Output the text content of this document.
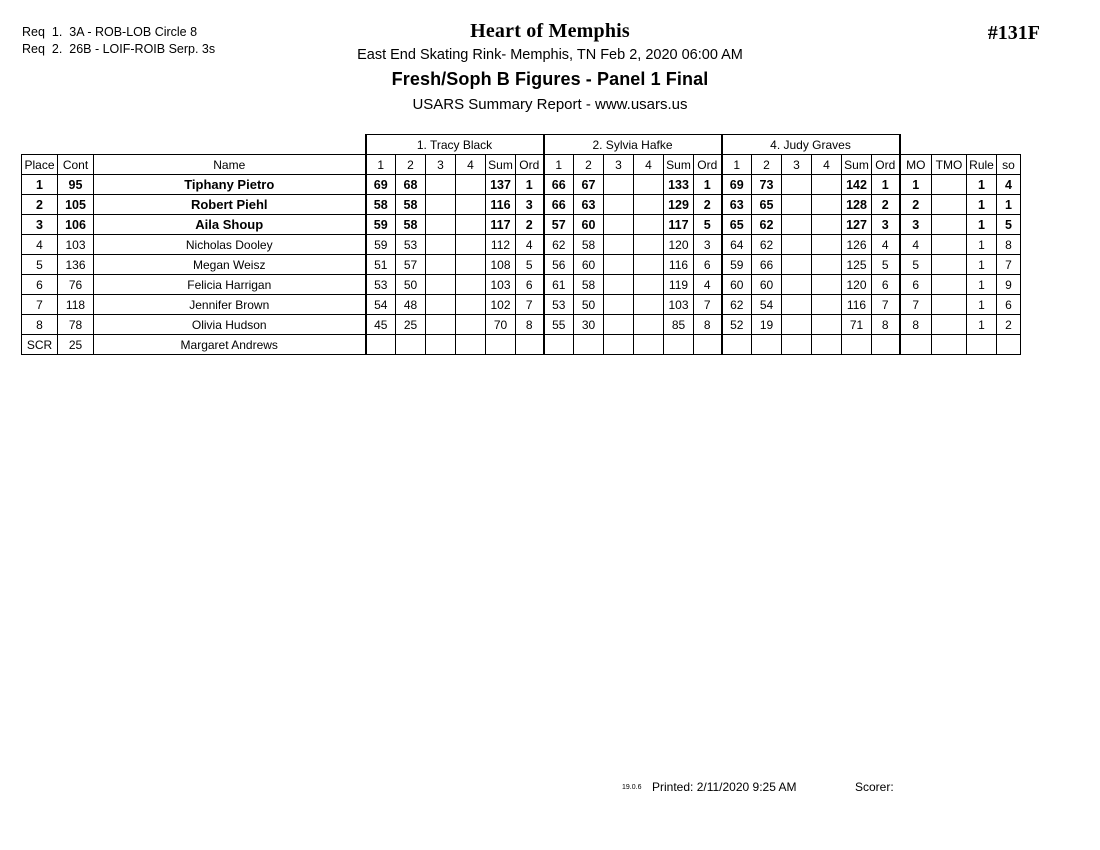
Req  1.  3A - ROB-LOB Circle 8
Req  2.  26B - LOIF-ROIB Serp. 3s
Heart of Memphis
East End Skating Rink- Memphis, TN Feb 2, 2020 06:00 AM
Fresh/Soph B Figures - Panel 1 Final
USARS Summary Report - www.usars.us
#131F
			1. Tracy Black						2. Sylvia Hafke						4. Judy Graves									
Place	Cont	Name	1	2	3	4	Sum	Ord	1	2	3	4	Sum	Ord	1	2	3	4	Sum	Ord	MO	TMO	Rule	so
1	95	Tiphany Pietro	69	68			137	1	66	67			133	1	69	73			142	1	1		1	4
2	105	Robert Piehl	58	58			116	3	66	63			129	2	63	65			128	2	2		1	1
3	106	Aila Shoup	59	58			117	2	57	60			117	5	65	62			127	3	3		1	5
4	103	Nicholas Dooley	59	53			112	4	62	58			120	3	64	62			126	4	4		1	8
5	136	Megan Weisz	51	57			108	5	56	60			116	6	59	66			125	5	5		1	7
6	76	Felicia Harrigan	53	50			103	6	61	58			119	4	60	60			120	6	6		1	9
7	118	Jennifer Brown	54	48			102	7	53	50			103	7	62	54			116	7	7		1	6
8	78	Olivia Hudson	45	25			70	8	55	30			85	8	52	19			71	8	8		1	2
SCR	25	Margaret Andrews																						
19.0.6 Printed: 2/11/2020 9:25 AM	Scorer:
